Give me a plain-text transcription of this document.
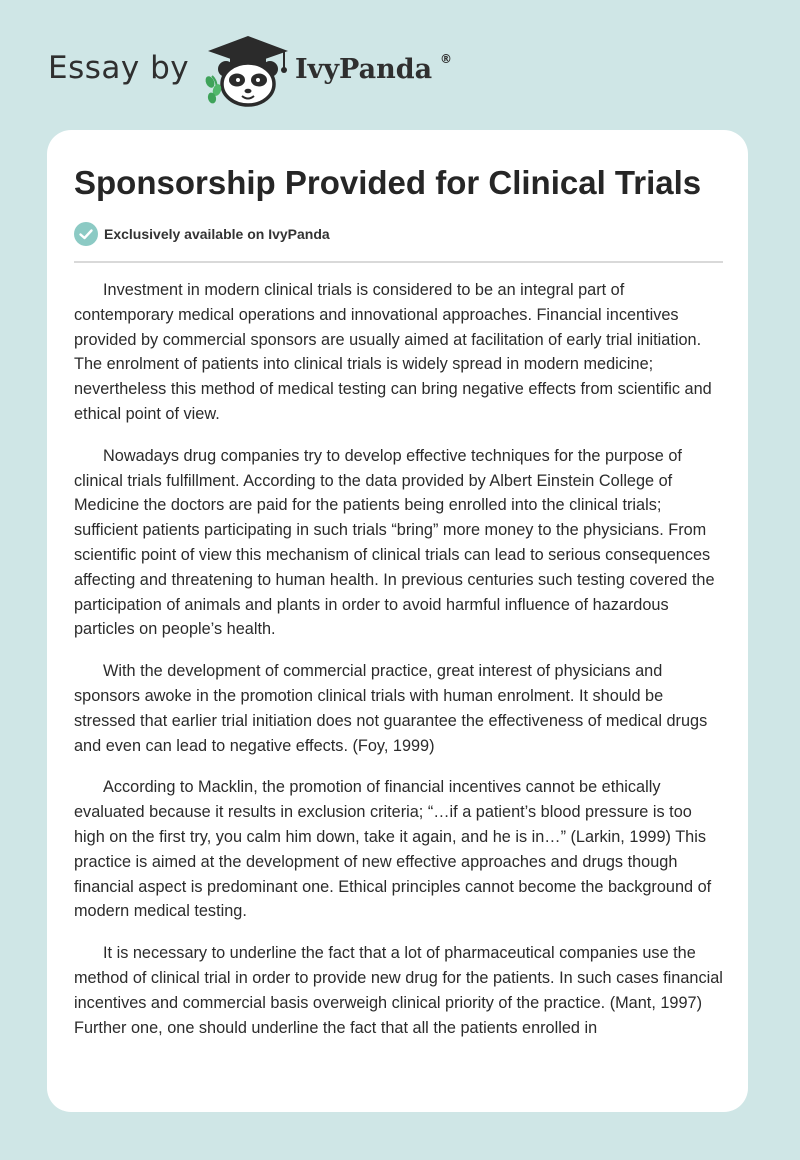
Essay by	IvyPanda ®
Sponsorship Provided for Clinical Trials
Exclusively available on IvyPanda

Investment in modern clinical trials is considered to be an integral part of contemporary medical operations and innovational approaches. Financial incentives provided by commercial sponsors are usually aimed at facilitation of early trial initiation. The enrolment of patients into clinical trials is widely spread in modern medicine; nevertheless this method of medical testing can bring negative effects from scientific and ethical point of view.

Nowadays drug companies try to develop effective techniques for the purpose of clinical trials fulfillment. According to the data provided by Albert Einstein College of Medicine the doctors are paid for the patients being enrolled into the clinical trials; sufficient patients participating in such trials “bring” more money to the physicians. From scientific point of view this mechanism of clinical trials can lead to serious consequences affecting and threatening to human health. In previous centuries such testing covered the participation of animals and plants in order to avoid harmful influence of hazardous particles on people’s health.

With the development of commercial practice, great interest of physicians and sponsors awoke in the promotion clinical trials with human enrolment. It should be stressed that earlier trial initiation does not guarantee the effectiveness of medical drugs and even can lead to negative effects. (Foy, 1999)

According to Macklin, the promotion of financial incentives cannot be ethically evaluated because it results in exclusion criteria; “…if a patient’s blood pressure is too high on the first try, you calm him down, take it again, and he is in…” (Larkin, 1999) This practice is aimed at the development of new effective approaches and drugs though financial aspect is predominant one. Ethical principles cannot become the background of modern medical testing.

It is necessary to underline the fact that a lot of pharmaceutical companies use the method of clinical trial in order to provide new drug for the patients. In such cases financial incentives and commercial basis overweigh clinical priority of the practice. (Mant, 1997) Further one, one should underline the fact that all the patients enrolled in
